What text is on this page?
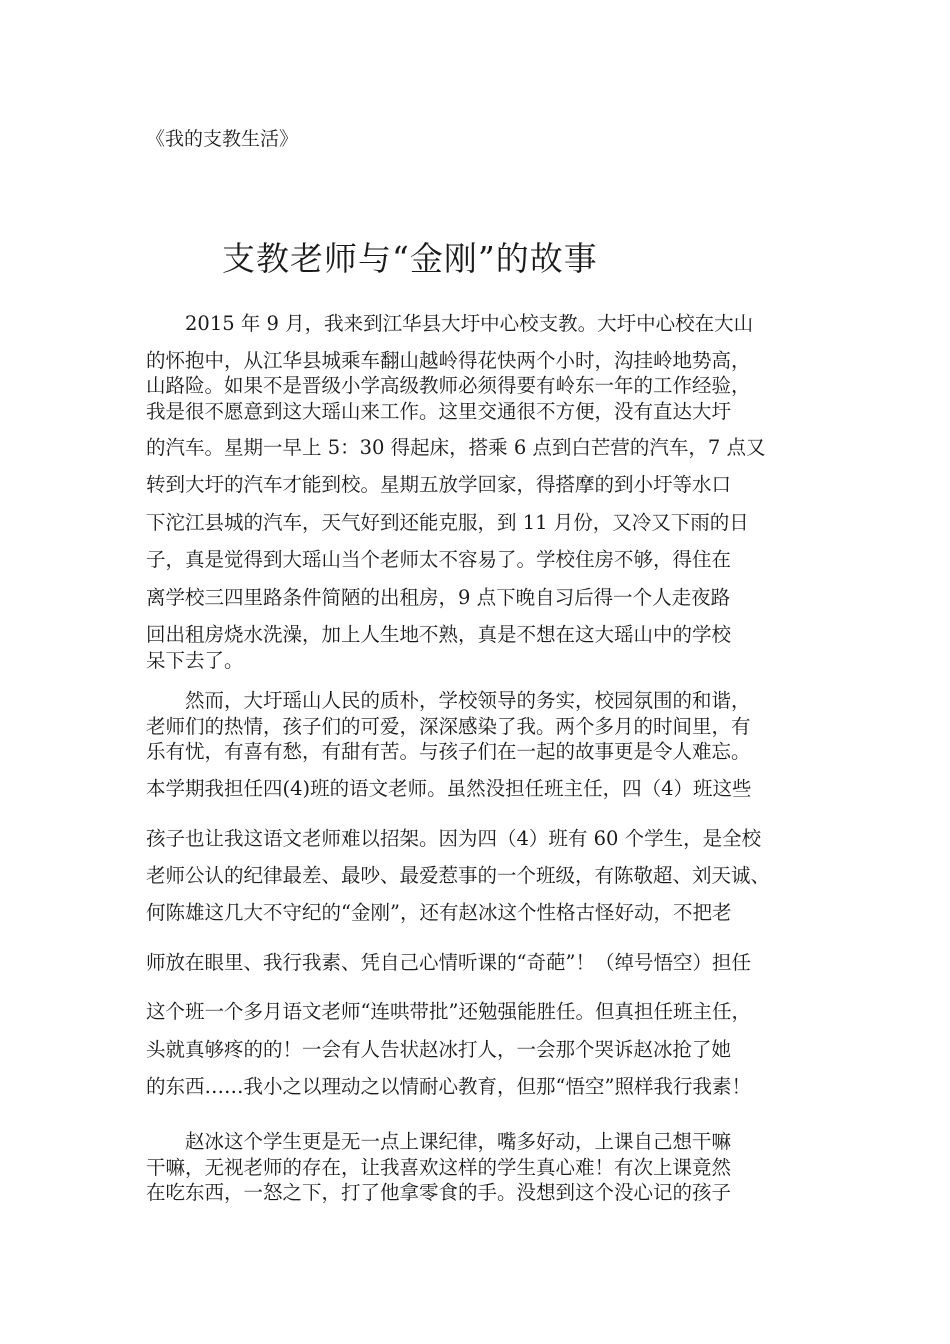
《我的支教生活》
支教老师与“金刚”的故事
　　2015 年 9 月，我来到江华县大圩中心校支教。大圩中心校在大山
的怀抱中，从江华县城乘车翻山越岭得花快两个小时，沟挂岭地势高，
山路险。如果不是晋级小学高级教师必须得要有岭东一年的工作经验，
我是很不愿意到这大瑶山来工作。这里交通很不方便，没有直达大圩
的汽车。星期一早上 5：30 得起床，搭乘 6 点到白芒营的汽车，7 点又
转到大圩的汽车才能到校。星期五放学回家，得搭摩的到小圩等水口
下沱江县城的汽车，天气好到还能克服，到 11 月份，又冷又下雨的日
子，真是觉得到大瑶山当个老师太不容易了。学校住房不够，得住在
离学校三四里路条件简陋的出租房，9 点下晚自习后得一个人走夜路
回出租房烧水洗澡，加上人生地不熟，真是不想在这大瑶山中的学校
呆下去了。
　　然而，大圩瑶山人民的质朴，学校领导的务实，校园氛围的和谐，
老师们的热情，孩子们的可爱，深深感染了我。两个多月的时间里，有
乐有忧，有喜有愁，有甜有苦。与孩子们在一起的故事更是令人难忘。
本学期我担任四(4)班的语文老师。虽然没担任班主任，四（4）班这些
孩子也让我这语文老师难以招架。因为四（4）班有 60 个学生，是全校
老师公认的纪律最差、最吵、最爱惹事的一个班级，有陈敬超、刘天诚、
何陈雄这几大不守纪的“金刚”，还有赵冰这个性格古怪好动，不把老
师放在眼里、我行我素、凭自己心情听课的“奇葩”！（绰号悟空）担任
这个班一个多月语文老师“连哄带批”还勉强能胜任。但真担任班主任，
头就真够疼的的！一会有人告状赵冰打人，一会那个哭诉赵冰抢了她
的东西……我小之以理动之以情耐心教育，但那“悟空”照样我行我素！
　　赵冰这个学生更是无一点上课纪律，嘴多好动，上课自己想干嘛
干嘛，无视老师的存在，让我喜欢这样的学生真心难！有次上课竟然
在吃东西，一怒之下，打了他拿零食的手。没想到这个没心记的孩子
